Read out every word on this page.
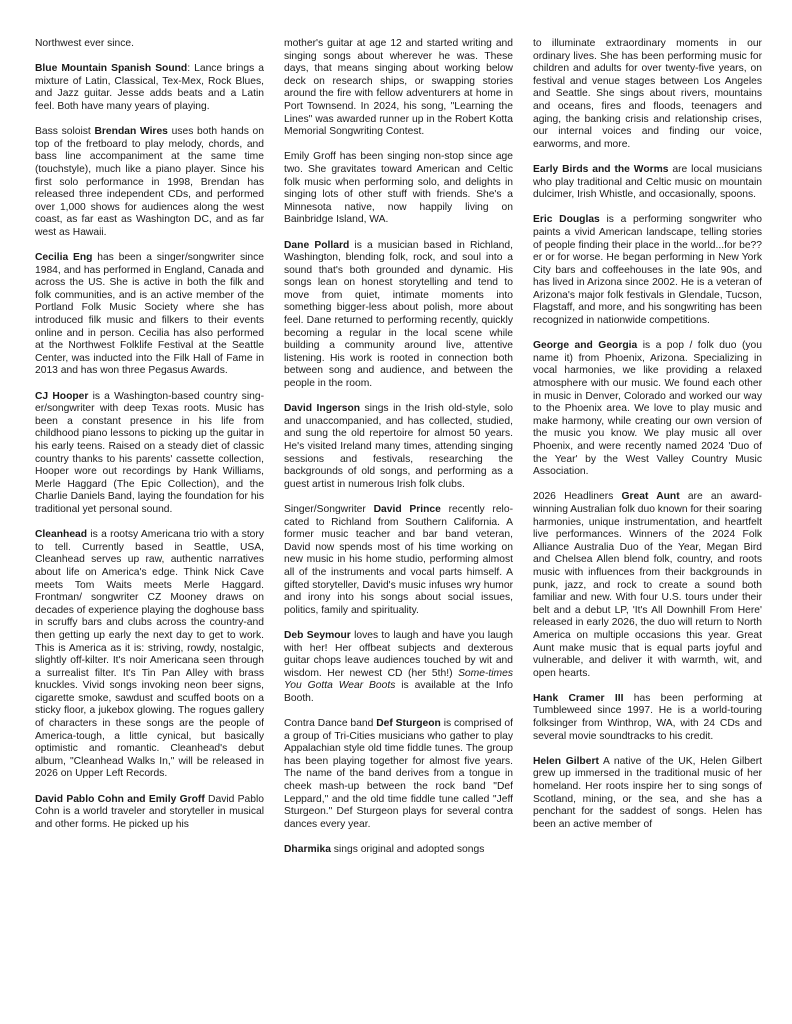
Northwest ever since.

Blue Mountain Spanish Sound: Lance brings a mixture of Latin, Classical, Tex-Mex, Rock Blues, and Jazz guitar. Jesse adds beats and a Latin feel. Both have many years of playing.

Bass soloist Brendan Wires uses both hands on top of the fretboard to play melody, chords, and bass line accompaniment at the same time (touchstyle), much like a piano player. Since his first solo performance in 1998, Brendan has released three independent CDs, and performed over 1,000 shows for audiences along the west coast, as far east as Washington DC, and as far west as Hawaii.

Cecilia Eng has been a singer/songwriter since 1984, and has performed in England, Canada and across the US. She is active in both the filk and folk communities, and is an active member of the Portland Folk Music Society where she has introduced filk music and filkers to their events online and in person. Cecilia has also performed at the Northwest Folklife Festival at the Seattle Center, was inducted into the Filk Hall of Fame in 2013 and has won three Pegasus Awards.

CJ Hooper is a Washington-based country sing-er/songwriter with deep Texas roots. Music has been a constant presence in his life from childhood piano lessons to picking up the guitar in his early teens. Raised on a steady diet of classic country thanks to his parents' cassette collection, Hooper wore out recordings by Hank Williams, Merle Haggard (The Epic Collection), and the Charlie Daniels Band, laying the foundation for his traditional yet personal sound.

Cleanhead is a rootsy Americana trio with a story to tell. Currently based in Seattle, USA, Cleanhead serves up raw, authentic narratives about life on America's edge. Think Nick Cave meets Tom Waits meets Merle Haggard. Frontman/ songwriter CZ Mooney draws on decades of experience playing the doghouse bass in scruffy bars and clubs across the country-and then getting up early the next day to get to work. This is America as it is: striving, rowdy, nostalgic, slightly off-kilter. It's noir Americana seen through a surrealist filter. It's Tin Pan Alley with brass knuckles. Vivid songs invoking neon beer signs, cigarette smoke, sawdust and scuffed boots on a sticky floor, a jukebox glowing. The rogues gallery of characters in these songs are the people of America-tough, a little cynical, but basically optimistic and romantic. Cleanhead's debut album, "Cleanhead Walks In," will be released in 2026 on Upper Left Records.

David Pablo Cohn and Emily Groff David Pablo Cohn is a world traveler and storyteller in musical and other forms. He picked up his

mother's guitar at age 12 and started writing and singing songs about wherever he was. These days, that means singing about working below deck on research ships, or swapping stories around the fire with fellow adventurers at home in Port Townsend. In 2024, his song, "Learning the Lines" was awarded runner up in the Robert Kotta Memorial Songwriting Contest.

Emily Groff has been singing non-stop since age two. She gravitates toward American and Celtic folk music when performing solo, and delights in singing lots of other stuff with friends. She's a Minnesota native, now happily living on Bainbridge Island, WA.

Dane Pollard is a musician based in Richland, Washington, blending folk, rock, and soul into a sound that's both grounded and dynamic. His songs lean on honest storytelling and tend to move from quiet, intimate moments into something bigger-less about polish, more about feel. Dane returned to performing recently, quickly becoming a regular in the local scene while building a community around live, attentive listening. His work is rooted in connection both between song and audience, and between the people in the room.

David Ingerson sings in the Irish old-style, solo and unaccompanied, and has collected, studied, and sung the old repertoire for almost 50 years. He's visited Ireland many times, attending singing sessions and festivals, researching the backgrounds of old songs, and performing as a guest artist in numerous Irish folk clubs.

Singer/Songwriter David Prince recently relo-cated to Richland from Southern California. A former music teacher and bar band veteran, David now spends most of his time working on new music in his home studio, performing almost all of the instruments and vocal parts himself. A gifted storyteller, David's music infuses wry humor and irony into his songs about social issues, politics, family and spirituality.

Deb Seymour loves to laugh and have you laugh with her! Her offbeat subjects and dexterous guitar chops leave audiences touched by wit and wisdom. Her newest CD (her 5th!) Some-times You Gotta Wear Boots is available at the Info Booth.

Contra Dance band Def Sturgeon is comprised of a group of Tri-Cities musicians who gather to play Appalachian style old time fiddle tunes. The group has been playing together for almost five years. The name of the band derives from a tongue in cheek mash-up between the rock band "Def Leppard," and the old time fiddle tune called "Jeff Sturgeon." Def Sturgeon plays for several contra dances every year.

Dharmika sings original and adopted songs

to illuminate extraordinary moments in our ordinary lives. She has been performing music for children and adults for over twenty-five years, on festival and venue stages between Los Angeles and Seattle. She sings about rivers, mountains and oceans, fires and floods, teenagers and aging, the banking crisis and relationship crises, our internal voices and finding our voice, earworms, and more.

Early Birds and the Worms are local musicians who play traditional and Celtic music on mountain dulcimer, Irish Whistle, and occasionally, spoons.

Eric Douglas is a performing songwriter who paints a vivid American landscape, telling stories of people finding their place in the world...for be??er or for worse. He began performing in New York City bars and coffeehouses in the late 90s, and has lived in Arizona since 2002. He is a veteran of Arizona's major folk festivals in Glendale, Tucson, Flagstaff, and more, and his songwriting has been recognized in nationwide competitions.

George and Georgia is a pop / folk duo (you name it) from Phoenix, Arizona. Specializing in vocal harmonies, we like providing a relaxed atmosphere with our music. We found each other in music in Denver, Colorado and worked our way to the Phoenix area. We love to play music and make harmony, while creating our own version of the music you know. We play music all over Phoenix, and were recently named 2024 'Duo of the Year' by the West Valley Country Music Association.

2026 Headliners Great Aunt are an award-winning Australian folk duo known for their soaring harmonies, unique instrumentation, and heartfelt live performances. Winners of the 2024 Folk Alliance Australia Duo of the Year, Megan Bird and Chelsea Allen blend folk, country, and roots music with influences from their backgrounds in punk, jazz, and rock to create a sound both familiar and new. With four U.S. tours under their belt and a debut LP, 'It's All Downhill From Here' released in early 2026, the duo will return to North America on multiple occasions this year. Great Aunt make music that is equal parts joyful and vulnerable, and deliver it with warmth, wit, and open hearts.

Hank Cramer III has been performing at Tumbleweed since 1997. He is a world-touring folksinger from Winthrop, WA, with 24 CDs and several movie soundtracks to his credit.

Helen Gilbert A native of the UK, Helen Gilbert grew up immersed in the traditional music of her homeland. Her roots inspire her to sing songs of Scotland, mining, or the sea, and she has a penchant for the saddest of songs. Helen has been an active member of
